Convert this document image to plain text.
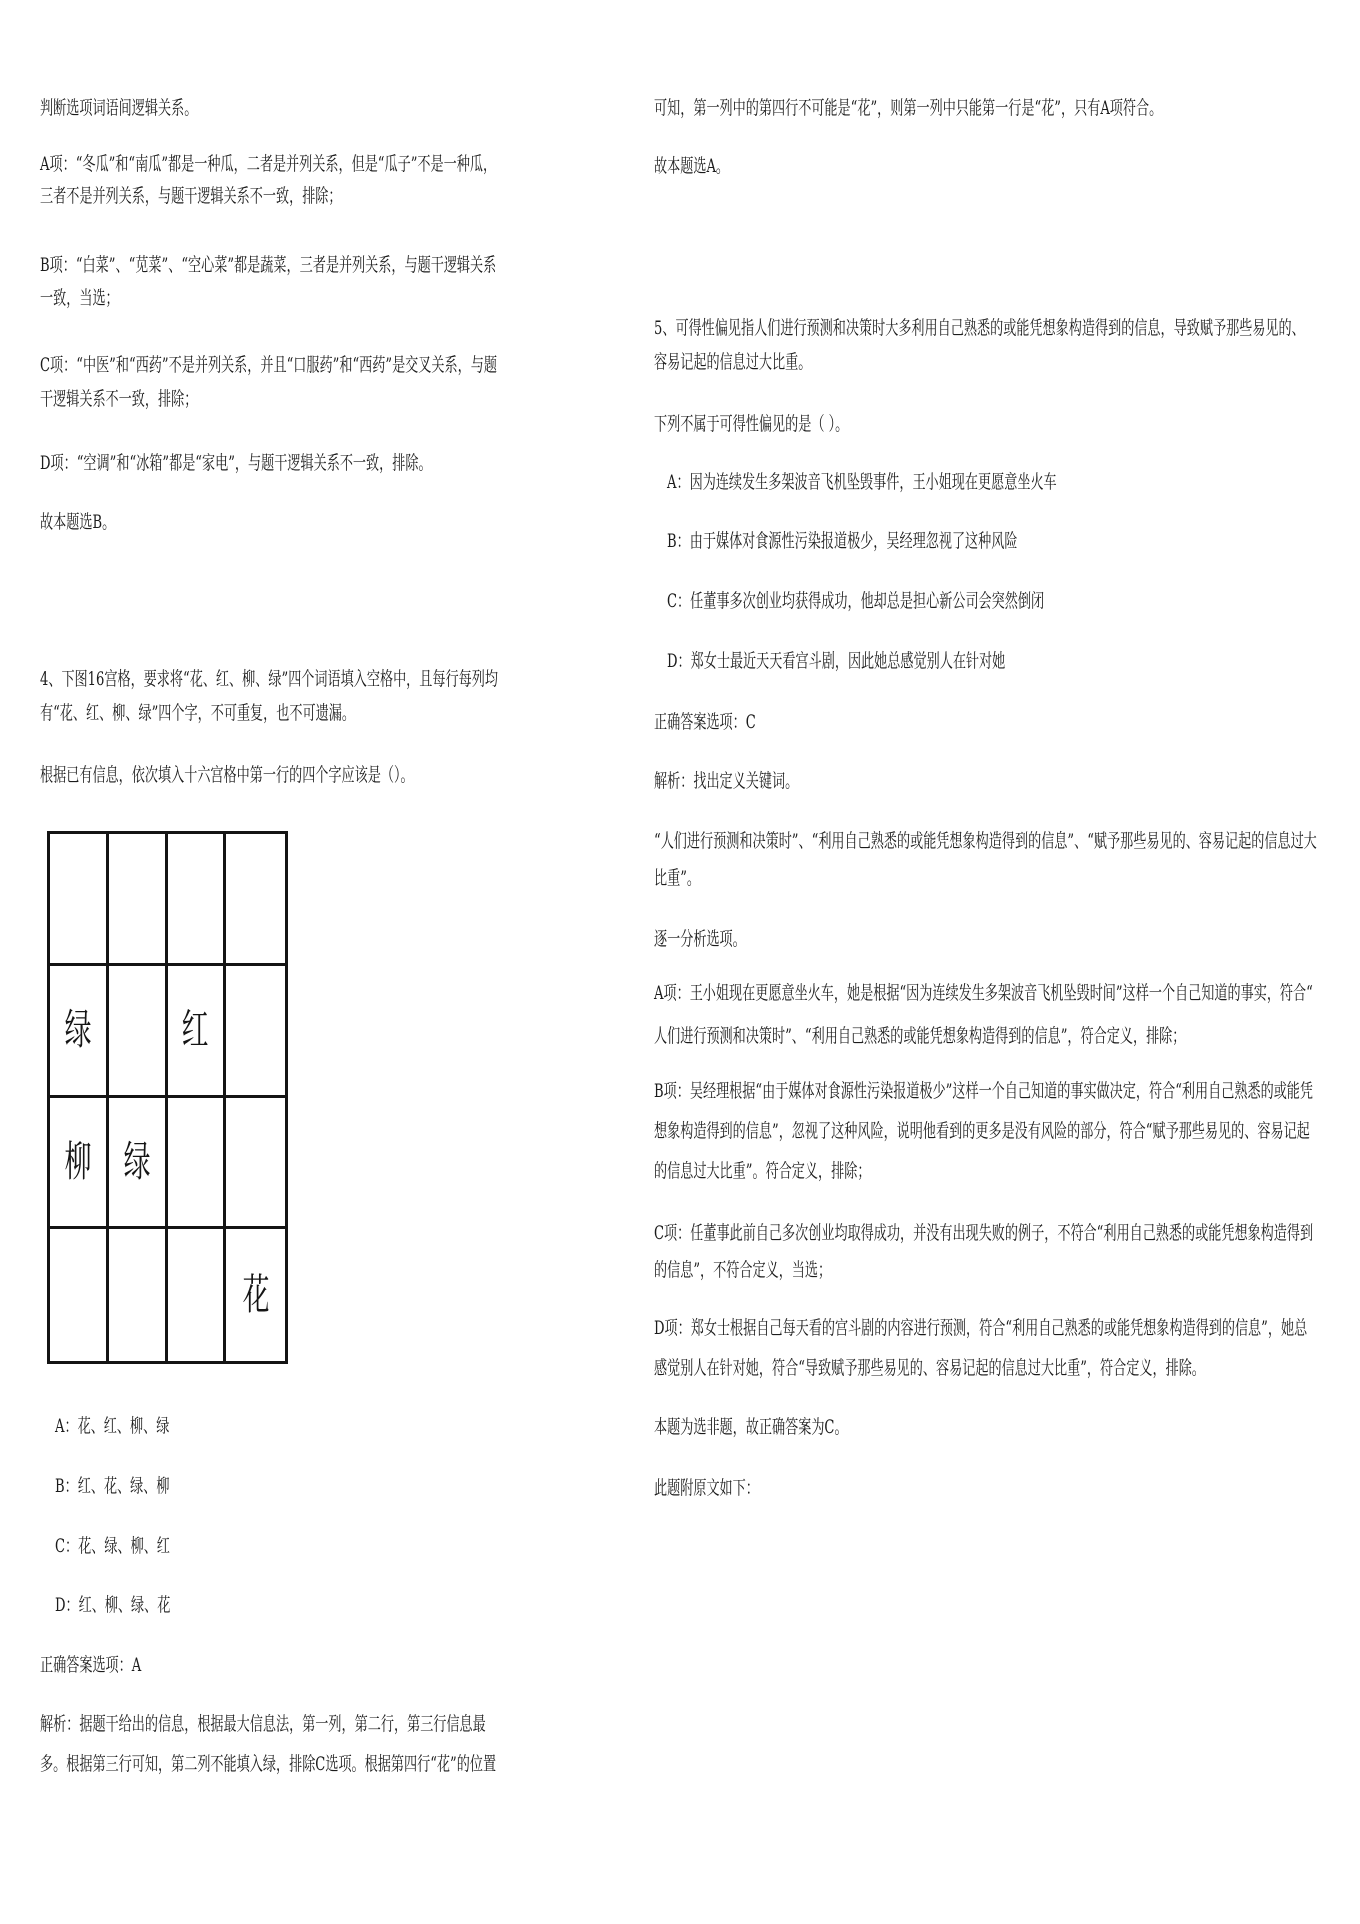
判断选项词语间逻辑关系。
A项：“冬瓜”和“南瓜”都是一种瓜，二者是并列关系，但是“瓜子”不是一种瓜，
三者不是并列关系，与题干逻辑关系不一致，排除；
B项：“白菜”、“苋菜”、“空心菜”都是蔬菜，三者是并列关系，与题干逻辑关系
一致，当选；
C项：“中医”和“西药”不是并列关系，并且“口服药”和“西药”是交叉关系，与题
干逻辑关系不一致，排除；
D项：“空调”和“冰箱”都是“家电”，与题干逻辑关系不一致，排除。
故本题选B。
4、下图16宫格，要求将“花、红、柳、绿”四个词语填入空格中，且每行每列均
有“花、红、柳、绿”四个字，不可重复，也不可遗漏。
根据已有信息，依次填入十六宫格中第一行的四个字应该是（）。
绿 红
柳 绿
花
A：花、红、柳、绿
B：红、花、绿、柳
C：花、绿、柳、红
D：红、柳、绿、花
正确答案选项：A
解析：据题干给出的信息，根据最大信息法，第一列，第二行，第三行信息最
多。根据第三行可知，第二列不能填入绿，排除C选项。根据第四行“花”的位置
可知，第一列中的第四行不可能是“花”，则第一列中只能第一行是“花”，只有A项符合。
故本题选A。
5、可得性偏见指人们进行预测和决策时大多利用自己熟悉的或能凭想象构造得到的信息，导致赋予那些易见的、
容易记起的信息过大比重。
下列不属于可得性偏见的是（ ）。
A：因为连续发生多架波音飞机坠毁事件，王小姐现在更愿意坐火车
B：由于媒体对食源性污染报道极少，吴经理忽视了这种风险
C：任董事多次创业均获得成功，他却总是担心新公司会突然倒闭
D：郑女士最近天天看宫斗剧，因此她总感觉别人在针对她
正确答案选项：C
解析：找出定义关键词。
“人们进行预测和决策时”、“利用自己熟悉的或能凭想象构造得到的信息”、“赋予那些易见的、容易记起的信息过大
比重”。
逐一分析选项。
A项：王小姐现在更愿意坐火车，她是根据“因为连续发生多架波音飞机坠毁时间”这样一个自己知道的事实，符合“
人们进行预测和决策时”、“利用自己熟悉的或能凭想象构造得到的信息”，符合定义，排除；
B项：吴经理根据“由于媒体对食源性污染报道极少”这样一个自己知道的事实做决定，符合“利用自己熟悉的或能凭
想象构造得到的信息”，忽视了这种风险，说明他看到的更多是没有风险的部分，符合“赋予那些易见的、容易记起
的信息过大比重”。符合定义，排除；
C项：任董事此前自己多次创业均取得成功，并没有出现失败的例子，不符合“利用自己熟悉的或能凭想象构造得到
的信息”，不符合定义，当选；
D项：郑女士根据自己每天看的宫斗剧的内容进行预测，符合“利用自己熟悉的或能凭想象构造得到的信息”，她总
感觉别人在针对她，符合“导致赋予那些易见的、容易记起的信息过大比重”，符合定义，排除。
本题为选非题，故正确答案为C。
此题附原文如下：
